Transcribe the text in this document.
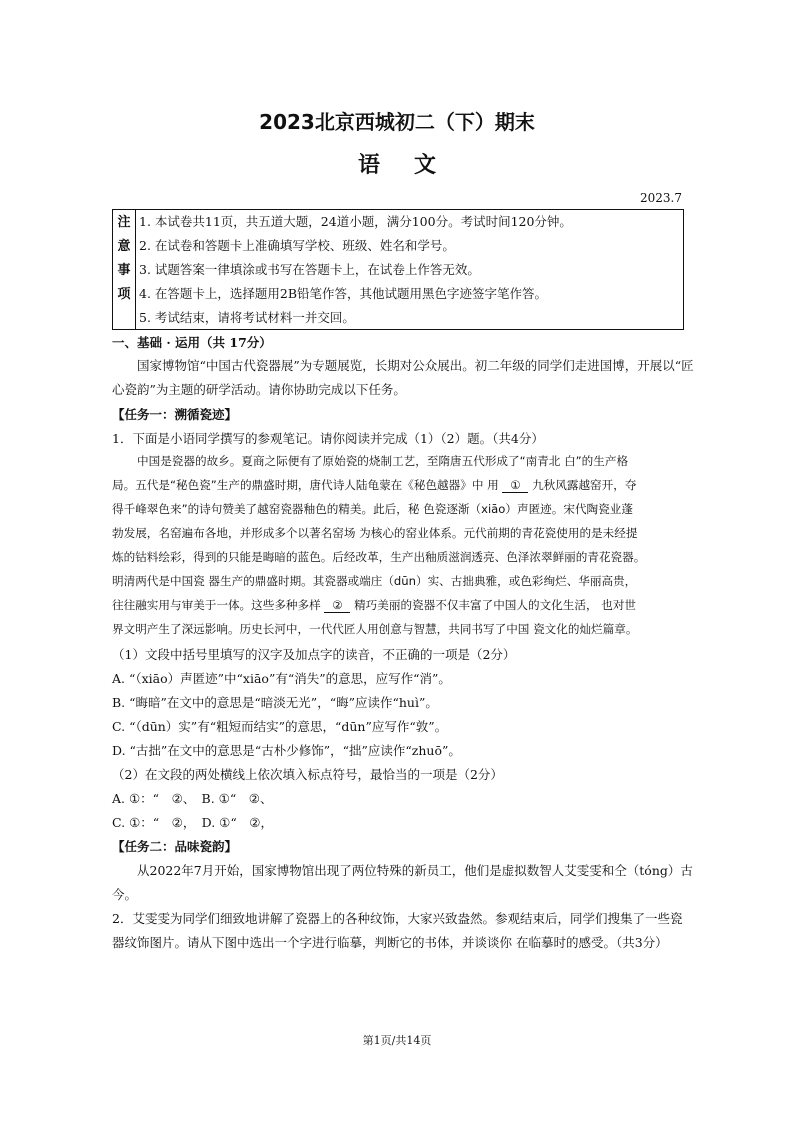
2023北京西城初二（下）期末
语文
2023.7
注
意
事
项
1. 本试卷共11页，共五道大题，24道小题，满分100分。考试时间120分钟。
2. 在试卷和答题卡上准确填写学校、班级、姓名和学号。
3. 试题答案一律填涂或书写在答题卡上，在试卷上作答无效。
4. 在答题卡上，选择题用2B铅笔作答，其他试题用黑色字迹签字笔作答。
5. 考试结束，请将考试材料一并交回。
一、基础 · 运用（共 17分）
国家博物馆“中国古代瓷器展”为专题展览，长期对公众展出。初二年级的同学们走进国博，开展以“匠
心瓷韵”为主题的研学活动。请你协助完成以下任务。
【任务一：溯循瓷迹】
1．下面是小语同学撰写的参观笔记。请你阅读并完成（1）（2）题。（共4分）
中国是瓷器的故乡。夏商之际便有了原始瓷的烧制工艺，至隋唐五代形成了“南青北 白”的生产格
局。五代是“秘色瓷”生产的鼎盛时期，唐代诗人陆龟蒙在《秘色越器》中 用 ① 九秋风露越窑开，夺
得千峰翠色来”的诗句赞美了越窑瓷器釉色的精美。此后，秘 色瓷逐渐（xiāo）声匿迹。宋代陶瓷业蓬
勃发展，名窑遍布各地，并形成多个以著名窑场 为核心的窑业体系。元代前期的青花瓷使用的是未经提
炼的钴料绘彩，得到的只能是晦暗的蓝色。后经改革，生产出釉质滋润透亮、色泽浓翠鲜丽的青花瓷器。
明清两代是中国瓷 器生产的鼎盛时期。其瓷器或端庄（dūn）实、古拙典雅，或色彩绚烂、华丽高贵，
往往融实用与审美于一体。这些多种多样 ② 精巧美丽的瓷器不仅丰富了中国人的文化生活， 也对世
界文明产生了深远影响。历史长河中，一代代匠人用创意与智慧，共同书写了中国 瓷文化的灿烂篇章。
（1）文段中括号里填写的汉字及加点字的读音，不正确的一项是（2分）
A. “（xiāo）声匿迹”中“xiāo”有“消失”的意思，应写作“消”。
B. “晦暗”在文中的意思是“暗淡无光”，“晦”应读作“huì”。
C. “（dūn）实”有“粗短而结实”的意思，“dūn”应写作“敦”。
D. “古拙”在文中的意思是“古朴少修饰”，“拙”应读作“zhuō”。
（2）在文段的两处横线上依次填入标点符号，最恰当的一项是（2分）
A. ①：“　②、　B. ①“　②、
C. ①：“　②，　D. ①“　②，
【任务二：品味瓷韵】
从2022年7月开始，国家博物馆出现了两位特殊的新员工，他们是虚拟数智人艾雯雯和仝（tóng）古
今。
2．艾雯雯为同学们细致地讲解了瓷器上的各种纹饰，大家兴致盎然。参观结束后，同学们搜集了一些瓷
器纹饰图片。请从下图中选出一个字进行临摹，判断它的书体，并谈谈你 在临摹时的感受。（共3分）
第1页/共14页
